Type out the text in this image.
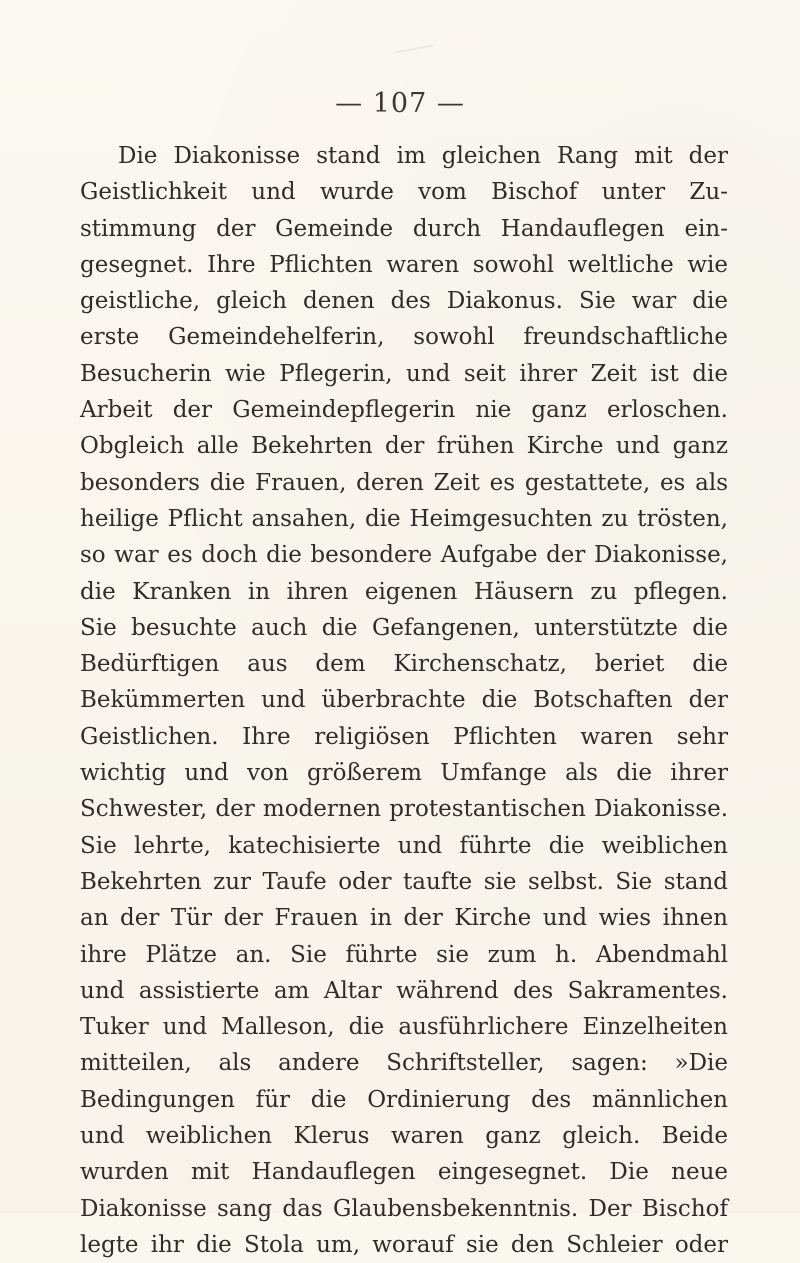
— 107 —
Die Diakonisse stand im gleichen Rang mit der
Geistlichkeit und wurde vom Bischof unter Zu-
stimmung der Gemeinde durch Handauflegen ein-
gesegnet. Ihre Pflichten waren sowohl weltliche wie
geistliche, gleich denen des Diakonus. Sie war die
erste Gemeindehelferin, sowohl freundschaftliche
Besucherin wie Pflegerin, und seit ihrer Zeit ist die
Arbeit der Gemeindepflegerin nie ganz erloschen.
Obgleich alle Bekehrten der frühen Kirche und ganz
besonders die Frauen, deren Zeit es gestattete, es als
heilige Pflicht ansahen, die Heimgesuchten zu trösten,
so war es doch die besondere Aufgabe der Diakonisse,
die Kranken in ihren eigenen Häusern zu pflegen.
Sie besuchte auch die Gefangenen, unterstützte die
Bedürftigen aus dem Kirchenschatz, beriet die
Bekümmerten und überbrachte die Botschaften der
Geistlichen. Ihre religiösen Pflichten waren sehr
wichtig und von größerem Umfange als die ihrer
Schwester, der modernen protestantischen Diakonisse.
Sie lehrte, katechisierte und führte die weiblichen
Bekehrten zur Taufe oder taufte sie selbst. Sie stand
an der Tür der Frauen in der Kirche und wies ihnen
ihre Plätze an. Sie führte sie zum h. Abendmahl
und assistierte am Altar während des Sakramentes.
Tuker und Malleson, die ausführlichere Einzelheiten
mitteilen, als andere Schriftsteller, sagen: »Die
Bedingungen für die Ordinierung des männlichen
und weiblichen Klerus waren ganz gleich. Beide
wurden mit Handauflegen eingesegnet. Die neue
Diakonisse sang das Glaubensbekenntnis. Der Bischof
legte ihr die Stola um, worauf sie den Schleier oder
